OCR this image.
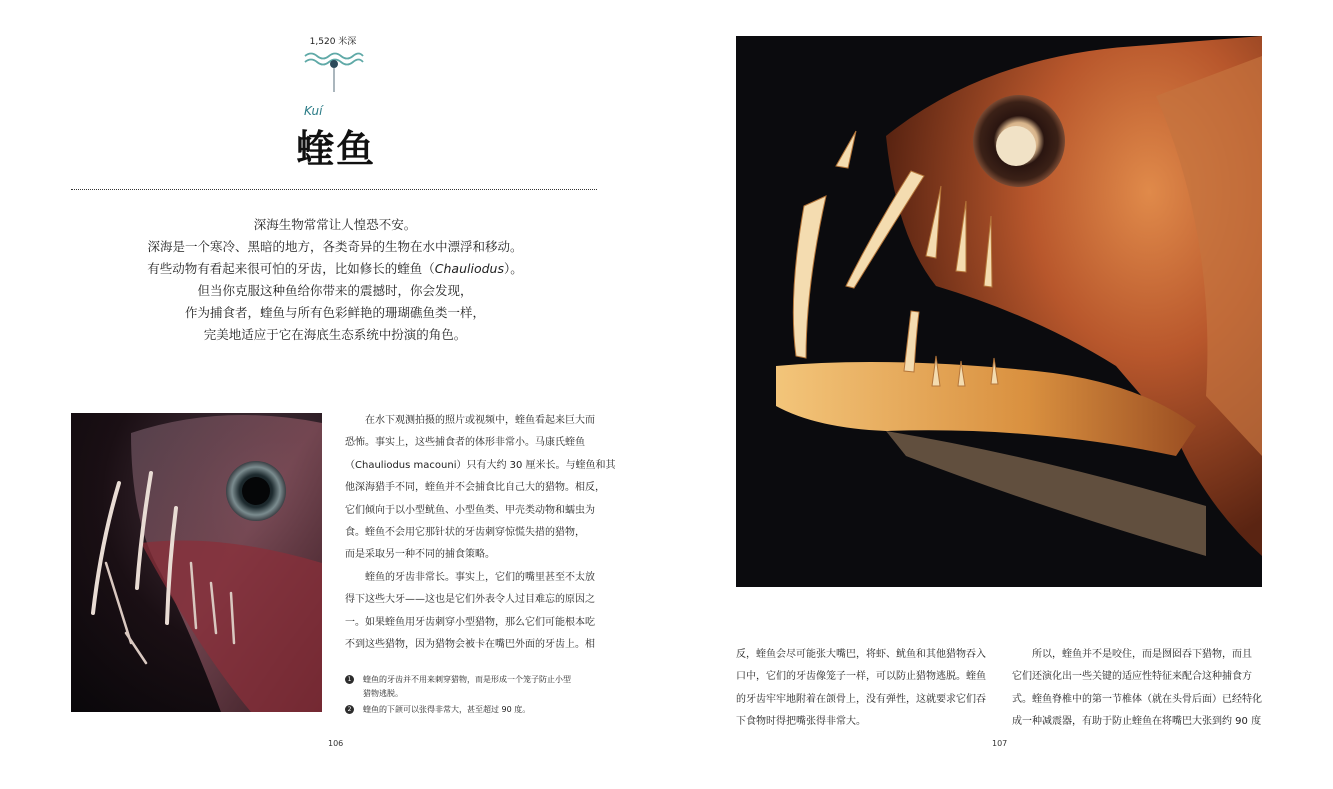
1,520 米深
Kuí
蝰鱼
深海生物常常让人惶恐不安。
深海是一个寒冷、黑暗的地方，各类奇异的生物在水中漂浮和移动。
有些动物有看起来很可怕的牙齿，比如修长的蝰鱼（Chauliodus）。
但当你克服这种鱼给你带来的震撼时，你会发现，
作为捕食者，蝰鱼与所有色彩鲜艳的珊瑚礁鱼类一样，
完美地适应于它在海底生态系统中扮演的角色。
在水下观测拍摄的照片或视频中，蝰鱼看起来巨大而
恐怖。事实上，这些捕食者的体形非常小。马康氏蝰鱼
（Chauliodus macouni）只有大约 30 厘米长。与蝰鱼和其
他深海猎手不同，蝰鱼并不会捕食比自己大的猎物。相反，
它们倾向于以小型鱿鱼、小型鱼类、甲壳类动物和蠕虫为
食。蝰鱼不会用它那针状的牙齿刺穿惊慌失措的猎物，
而是采取另一种不同的捕食策略。
蝰鱼的牙齿非常长。事实上，它们的嘴里甚至不太放
得下这些大牙——这也是它们外表令人过目难忘的原因之
一。如果蝰鱼用牙齿刺穿小型猎物，那么它们可能根本吃
不到这些猎物，因为猎物会被卡在嘴巴外面的牙齿上。相
1	蝰鱼的牙齿并不用来刺穿猎物，而是形成一个笼子防止小型
猎物逃脱。
2	蝰鱼的下颌可以张得非常大，甚至超过 90 度。
106
反，蝰鱼会尽可能张大嘴巴，将虾、鱿鱼和其他猎物吞入
口中，它们的牙齿像笼子一样，可以防止猎物逃脱。蝰鱼
的牙齿牢牢地附着在颌骨上，没有弹性，这就要求它们吞
下食物时得把嘴张得非常大。
所以，蝰鱼并不是咬住，而是囫囵吞下猎物，而且
它们还演化出一些关键的适应性特征来配合这种捕食方
式。蝰鱼脊椎中的第一节椎体（就在头骨后面）已经特化
成一种减震器，有助于防止蝰鱼在将嘴巴大张到约 90 度
107
